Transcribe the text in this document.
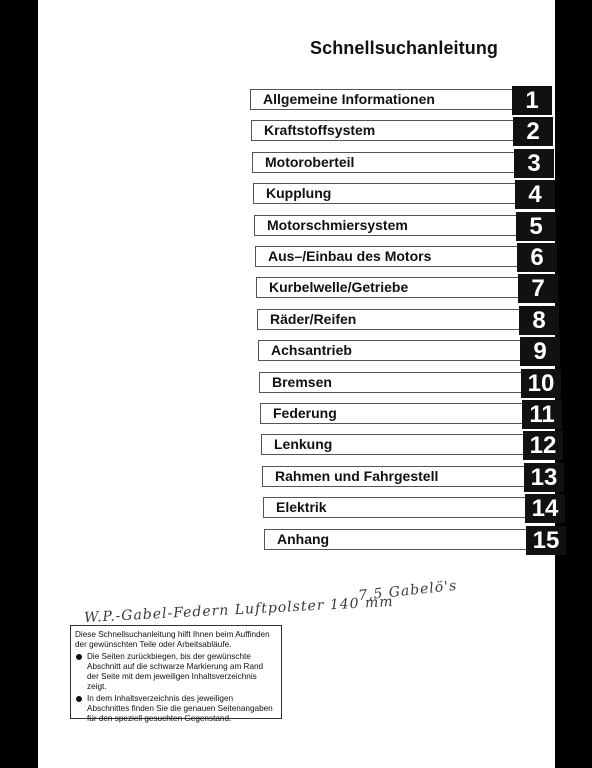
Schnellsuchanleitung
Allgemeine Informationen	1
Kraftstoffsystem	2
Motoroberteil	3
Kupplung	4
Motorschmiersystem	5
Aus–/Einbau des Motors	6
Kurbelwelle/Getriebe	7
Räder/Reifen	8
Achsantrieb	9
Bremsen	10
Federung	11
Lenkung	12
Rahmen und Fahrgestell	13
Elektrik	14
Anhang	15
7,5 Gabelö's
W.P.-Gabel-Federn Luftpolster 140 mm

Diese Schnellsuchanleitung hilft Ihnen beim Auffinden der gewünschten Teile oder Arbeitsabläufe.

Die Seiten zurückbiegen, bis der gewünschte Abschnitt auf die schwarze Markierung am Rand der Seite mit dem jeweiligen Inhaltsverzeichnis zeigt.
In dem Inhaltsverzeichnis des jeweiligen Abschnittes finden Sie die genauen Seitenangaben für den speziell gesuchten Gegenstand.
